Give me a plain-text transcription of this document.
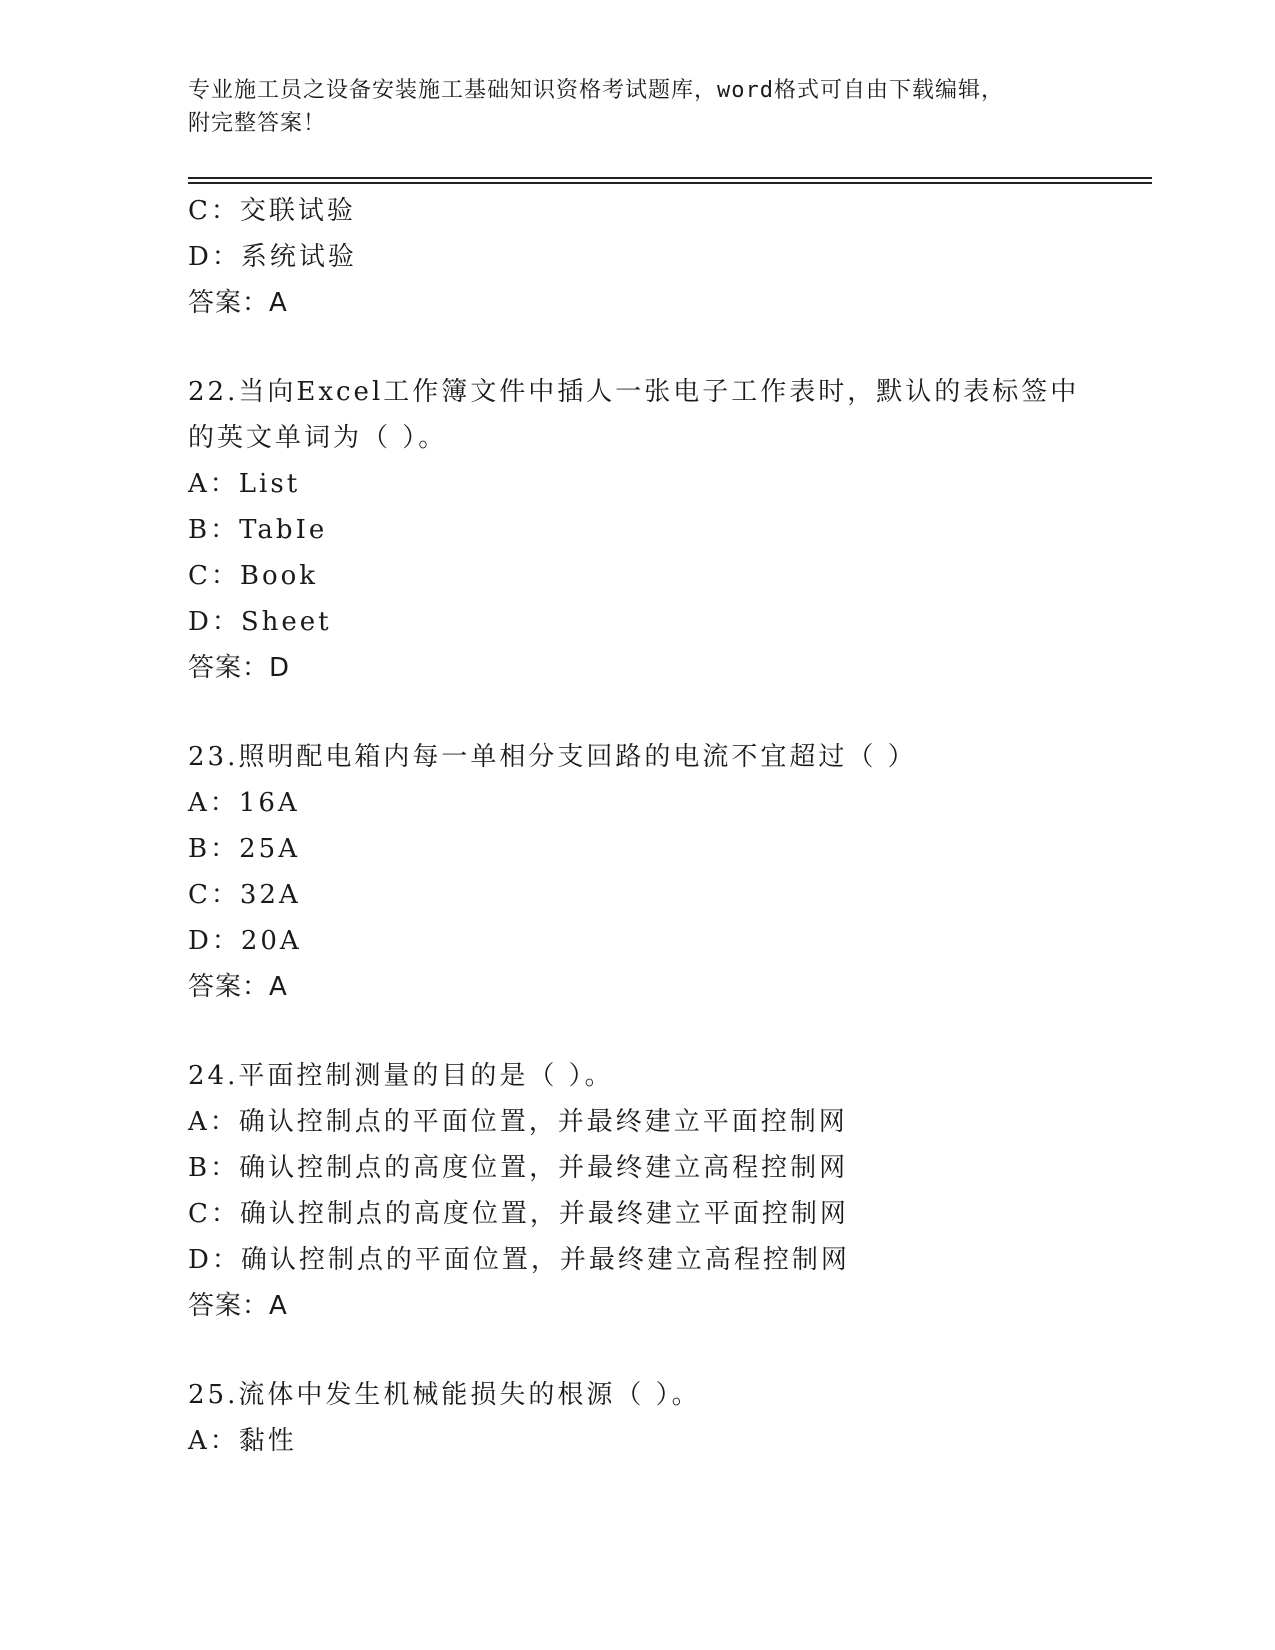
专业施工员之设备安装施工基础知识资格考试题库，word格式可自由下载编辑，
附完整答案！
C：交联试验
D：系统试验
答案：A
22.当向Excel工作簿文件中插人一张电子工作表时，默认的表标签中
的英文单词为（ ）。
A：List
B：TabIe
C：Book
D：Sheet
答案：D
23.照明配电箱内每一单相分支回路的电流不宜超过（ ）
A：16A
B：25A
C：32A
D：20A
答案：A
24.平面控制测量的目的是（ ）。
A：确认控制点的平面位置，并最终建立平面控制网
B：确认控制点的高度位置，并最终建立高程控制网
C：确认控制点的高度位置，并最终建立平面控制网
D：确认控制点的平面位置，并最终建立高程控制网
答案：A
25.流体中发生机械能损失的根源（ ）。
A：黏性
